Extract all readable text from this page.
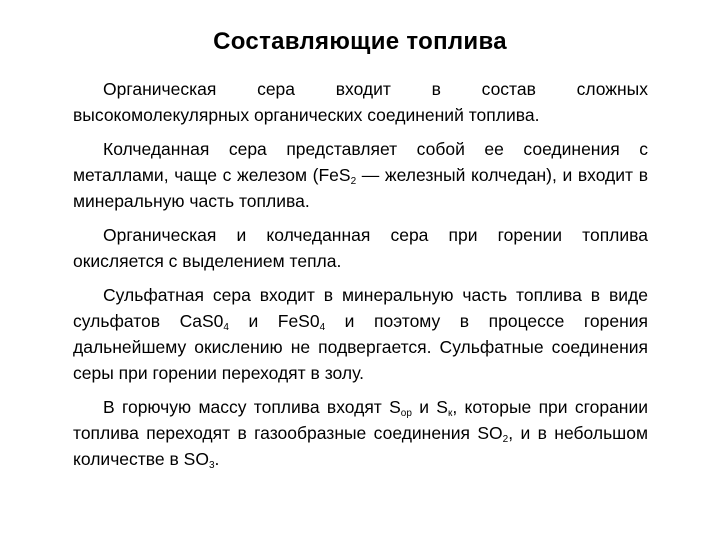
Составляющие топлива

Органическая сера входит в состав сложных высокомолекулярных органических соединений топлива.

Колчеданная сера представляет собой ее соединения с металлами, чаще с железом (FeS$_2$ — железный колчедан), и входит в минеральную часть топлива.

Органическая и колчеданная сера при горении топлива окисляется с выделением тепла.

Сульфатная сера входит в минеральную часть топлива в виде сульфатов $CaS0_4$ и $FeS0_4$ и поэтому в процессе горения дальнейшему окислению не подвергается. Сульфатные соединения серы при горении переходят в золу.

В горючую массу топлива входят $S_{ор}$ и $S_к$, которые при сгорании топлива переходят в газообразные соединения $SO_2$, и в небольшом количестве в $SO_3$.
